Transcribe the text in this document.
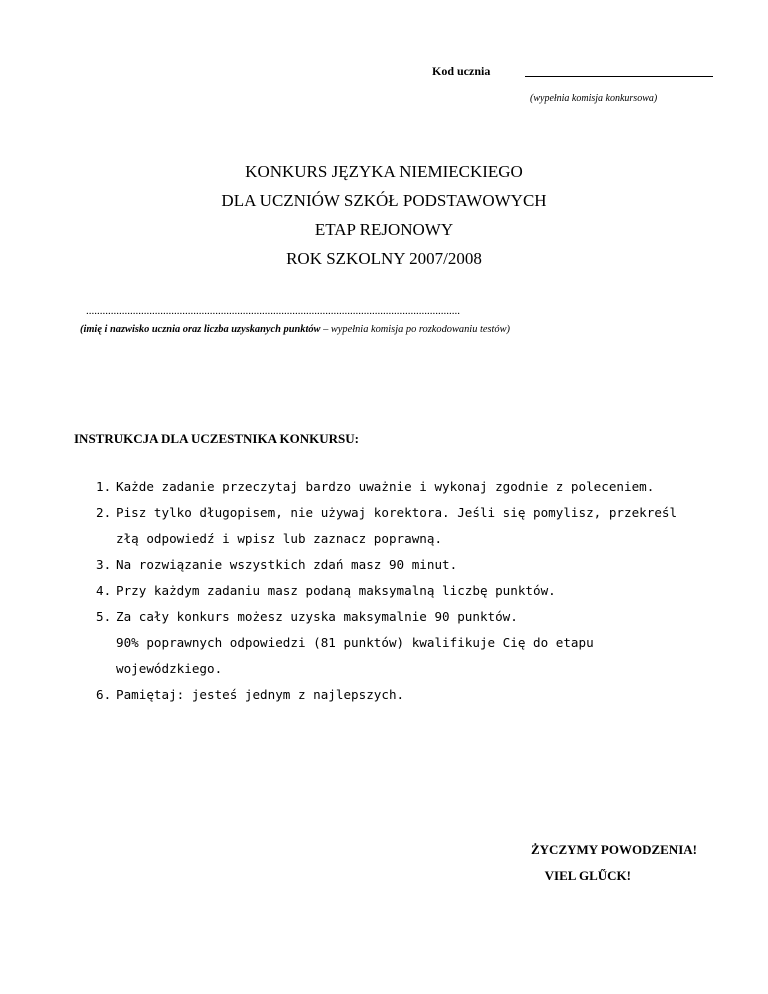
Kod ucznia
(wypełnia komisja konkursowa)
KONKURS JĘZYKA NIEMIECKIEGO
DLA UCZNIÓW SZKÓŁ PODSTAWOWYCH
ETAP REJONOWY
ROK SZKOLNY 2007/2008
........................................................................................................................................
(imię i nazwisko ucznia oraz liczba uzyskanych punktów – wypełnia komisja po rozkodowaniu testów)
INSTRUKCJA DLA UCZESTNIKA KONKURSU:
1. Każde zadanie przeczytaj bardzo uważnie i wykonaj zgodnie z poleceniem.
2. Pisz tylko długopisem, nie używaj korektora. Jeśli się pomylisz, przekreśl
złą odpowiedź i wpisz lub zaznacz poprawną.
3. Na rozwiązanie wszystkich zdań masz 90 minut.
4. Przy każdym zadaniu masz podaną maksymalną liczbę punktów.
5. Za cały konkurs możesz uzyska maksymalnie 90 punktów.
90% poprawnych odpowiedzi (81 punktów) kwalifikuje Cię do etapu
wojewódzkiego.
6. Pamiętaj: jesteś jednym z najlepszych.
ŻYCZYMY POWODZENIA!
VIEL GLŰCK!
